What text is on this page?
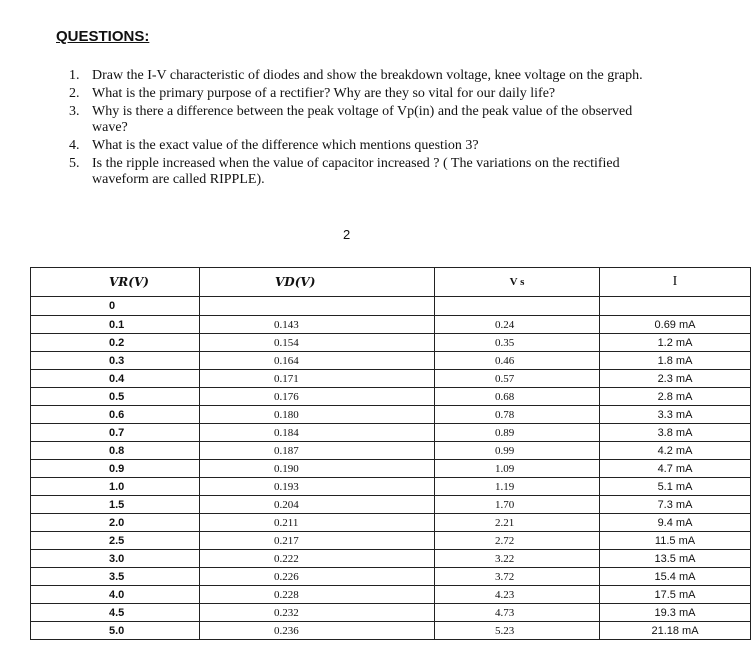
QUESTIONS:
1. Draw the I-V characteristic of diodes and show the breakdown voltage, knee voltage on the graph.
2. What is the primary purpose of a rectifier? Why are they so vital for our daily life?
3. Why is there a difference between the peak voltage of Vp(in) and the peak value of the observed wave?
4. What is the exact value of the difference which mentions question 3?
5. Is the ripple increased when the value of capacitor increased ? ( The variations on the rectified waveform are called RIPPLE).
2
VR(V)	VD(V)	V s	I
0			
0.1	0.143	0.24	0.69 mA
0.2	0.154	0.35	1.2 mA
0.3	0.164	0.46	1.8 mA
0.4	0.171	0.57	2.3 mA
0.5	0.176	0.68	2.8 mA
0.6	0.180	0.78	3.3 mA
0.7	0.184	0.89	3.8 mA
0.8	0.187	0.99	4.2 mA
0.9	0.190	1.09	4.7 mA
1.0	0.193	1.19	5.1 mA
1.5	0.204	1.70	7.3 mA
2.0	0.211	2.21	9.4 mA
2.5	0.217	2.72	11.5 mA
3.0	0.222	3.22	13.5 mA
3.5	0.226	3.72	15.4 mA
4.0	0.228	4.23	17.5 mA
4.5	0.232	4.73	19.3 mA
5.0	0.236	5.23	21.18 mA
